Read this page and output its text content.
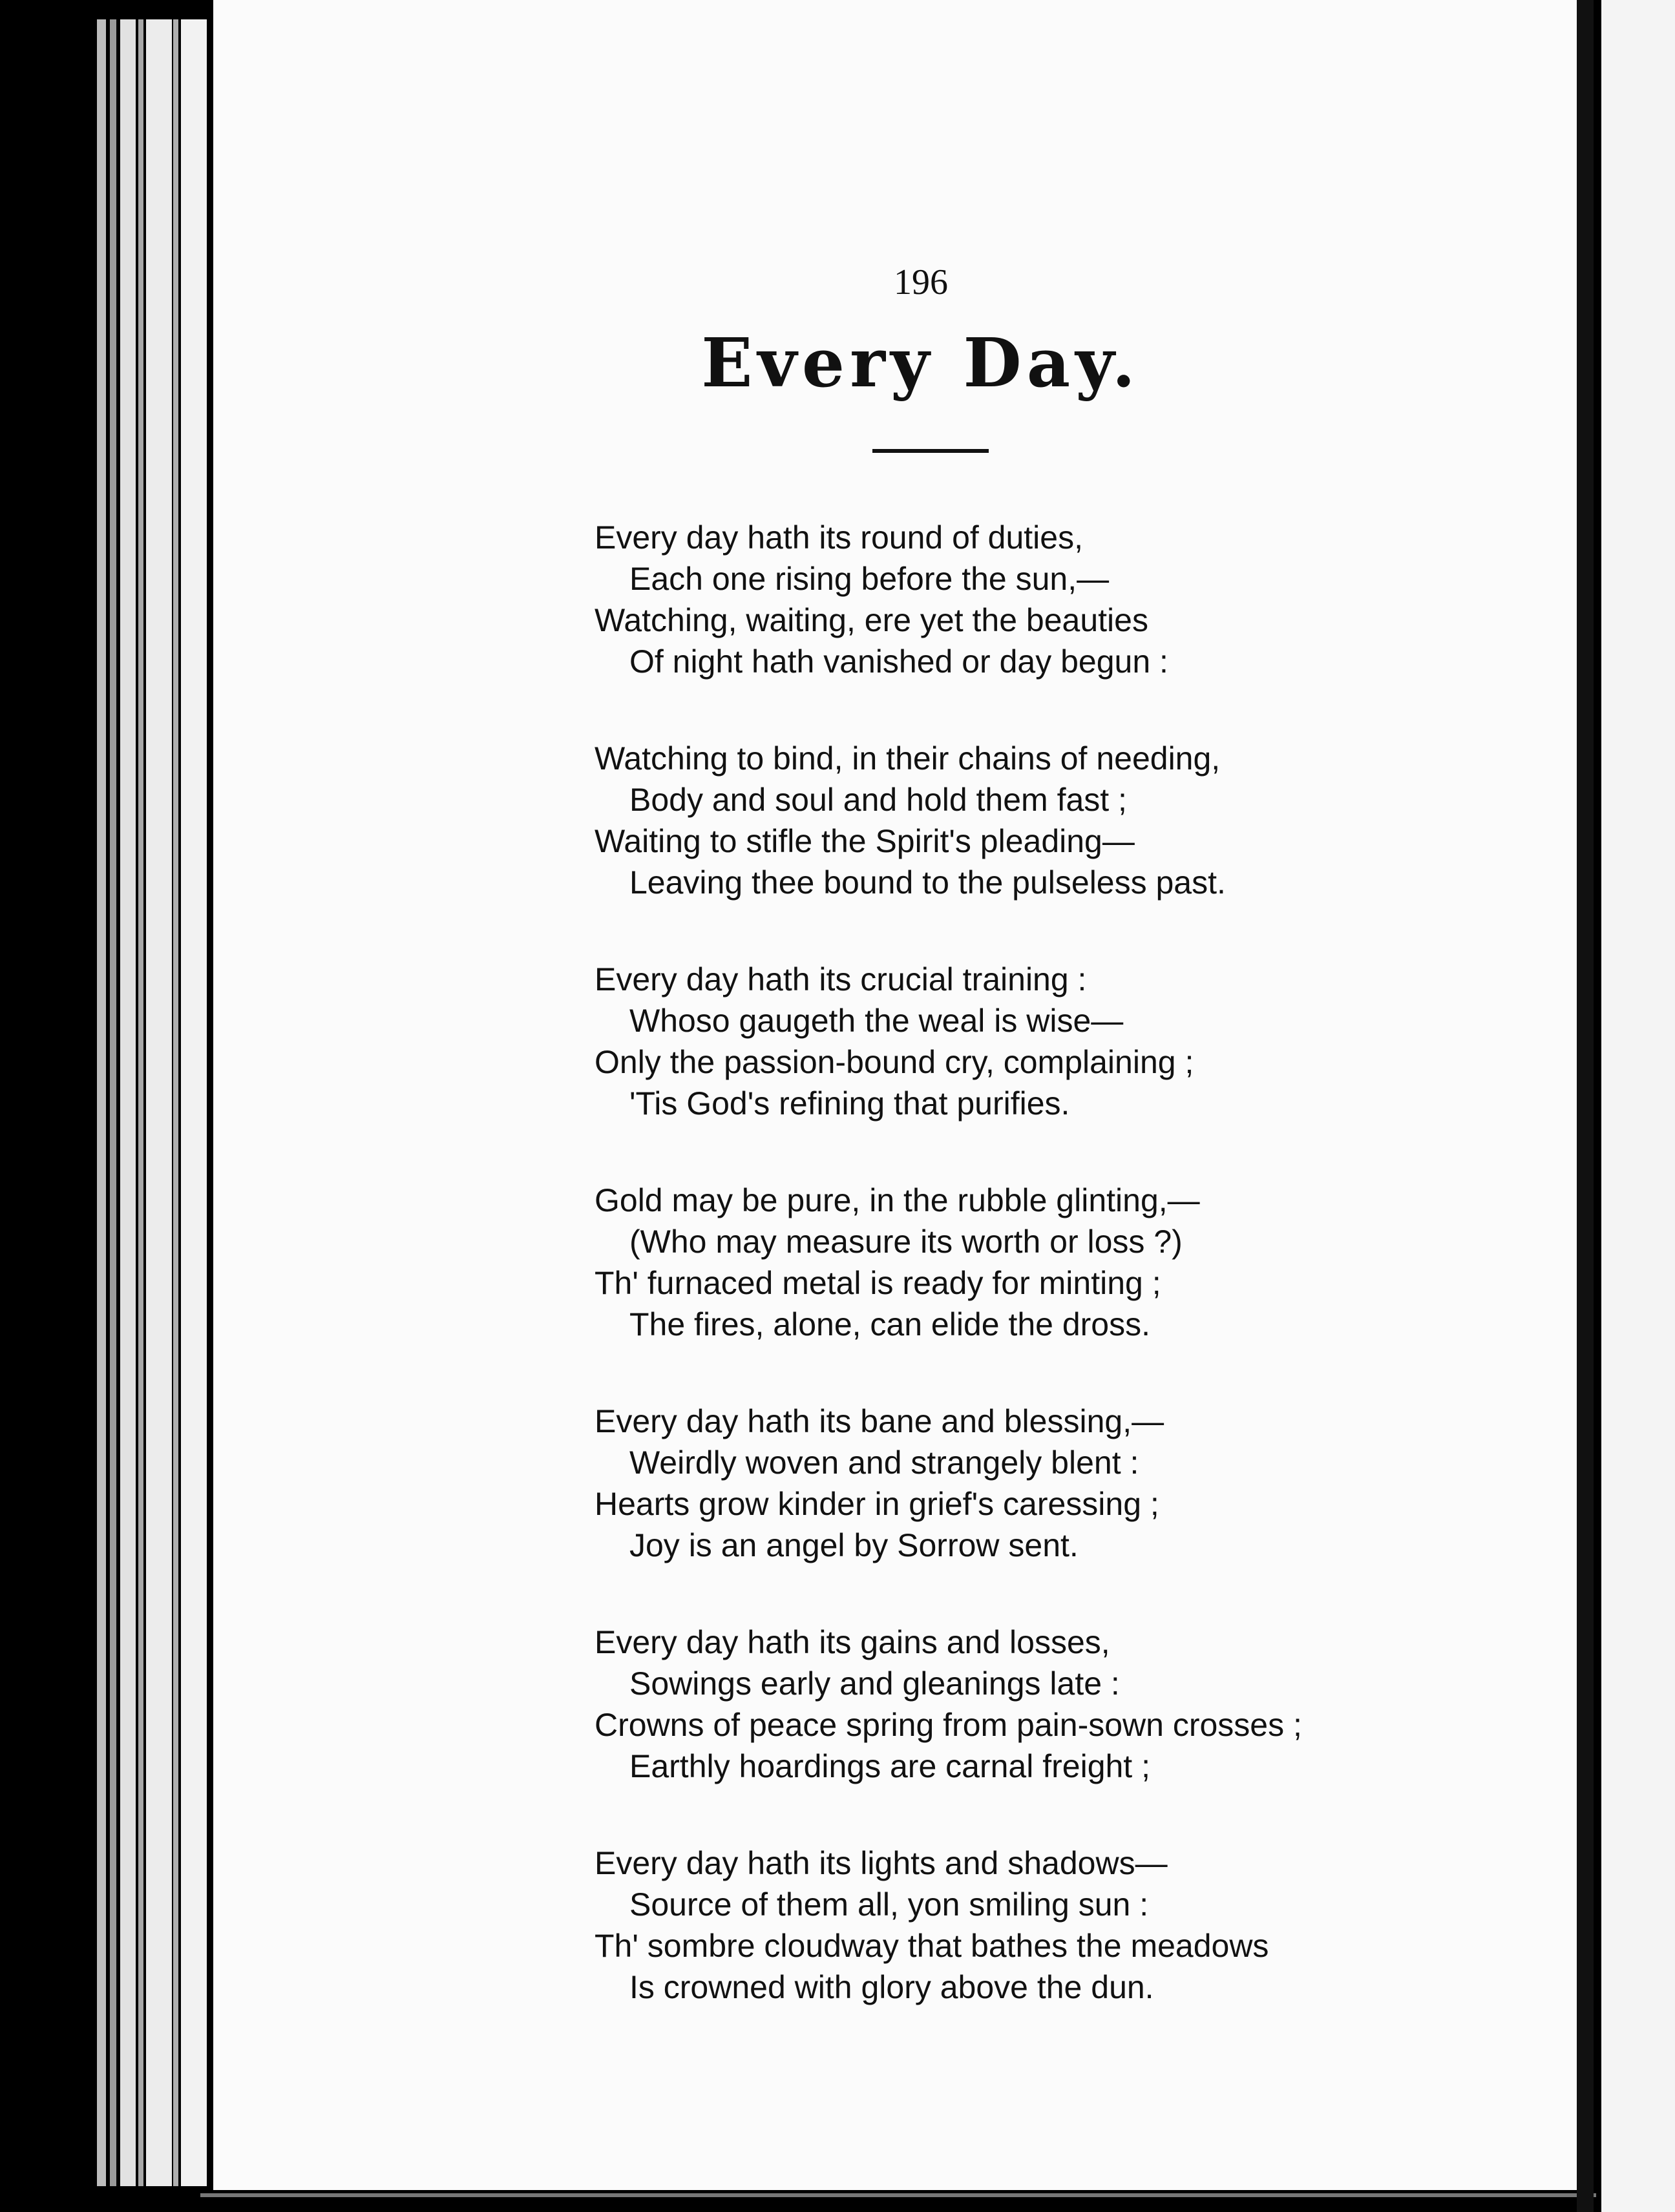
196
Every Day.
Every day hath its round of duties,
Each one rising before the sun,—
Watching, waiting, ere yet the beauties
Of night hath vanished or day begun :
Watching to bind, in their chains of needing,
Body and soul and hold them fast ;
Waiting to stifle the Spirit's pleading—
Leaving thee bound to the pulseless past.
Every day hath its crucial training :
Whoso gaugeth the weal is wise—
Only the passion-bound cry, complaining ;
'Tis God's refining that purifies.
Gold may be pure, in the rubble glinting,—
(Who may measure its worth or loss ?)
Th' furnaced metal is ready for minting ;
The fires, alone, can elide the dross.
Every day hath its bane and blessing,—
Weirdly woven and strangely blent :
Hearts grow kinder in grief's caressing ;
Joy is an angel by Sorrow sent.
Every day hath its gains and losses,
Sowings early and gleanings late :
Crowns of peace spring from pain-sown crosses ;
Earthly hoardings are carnal freight ;
Every day hath its lights and shadows—
Source of them all, yon smiling sun :
Th' sombre cloudway that bathes the meadows
Is crowned with glory above the dun.
